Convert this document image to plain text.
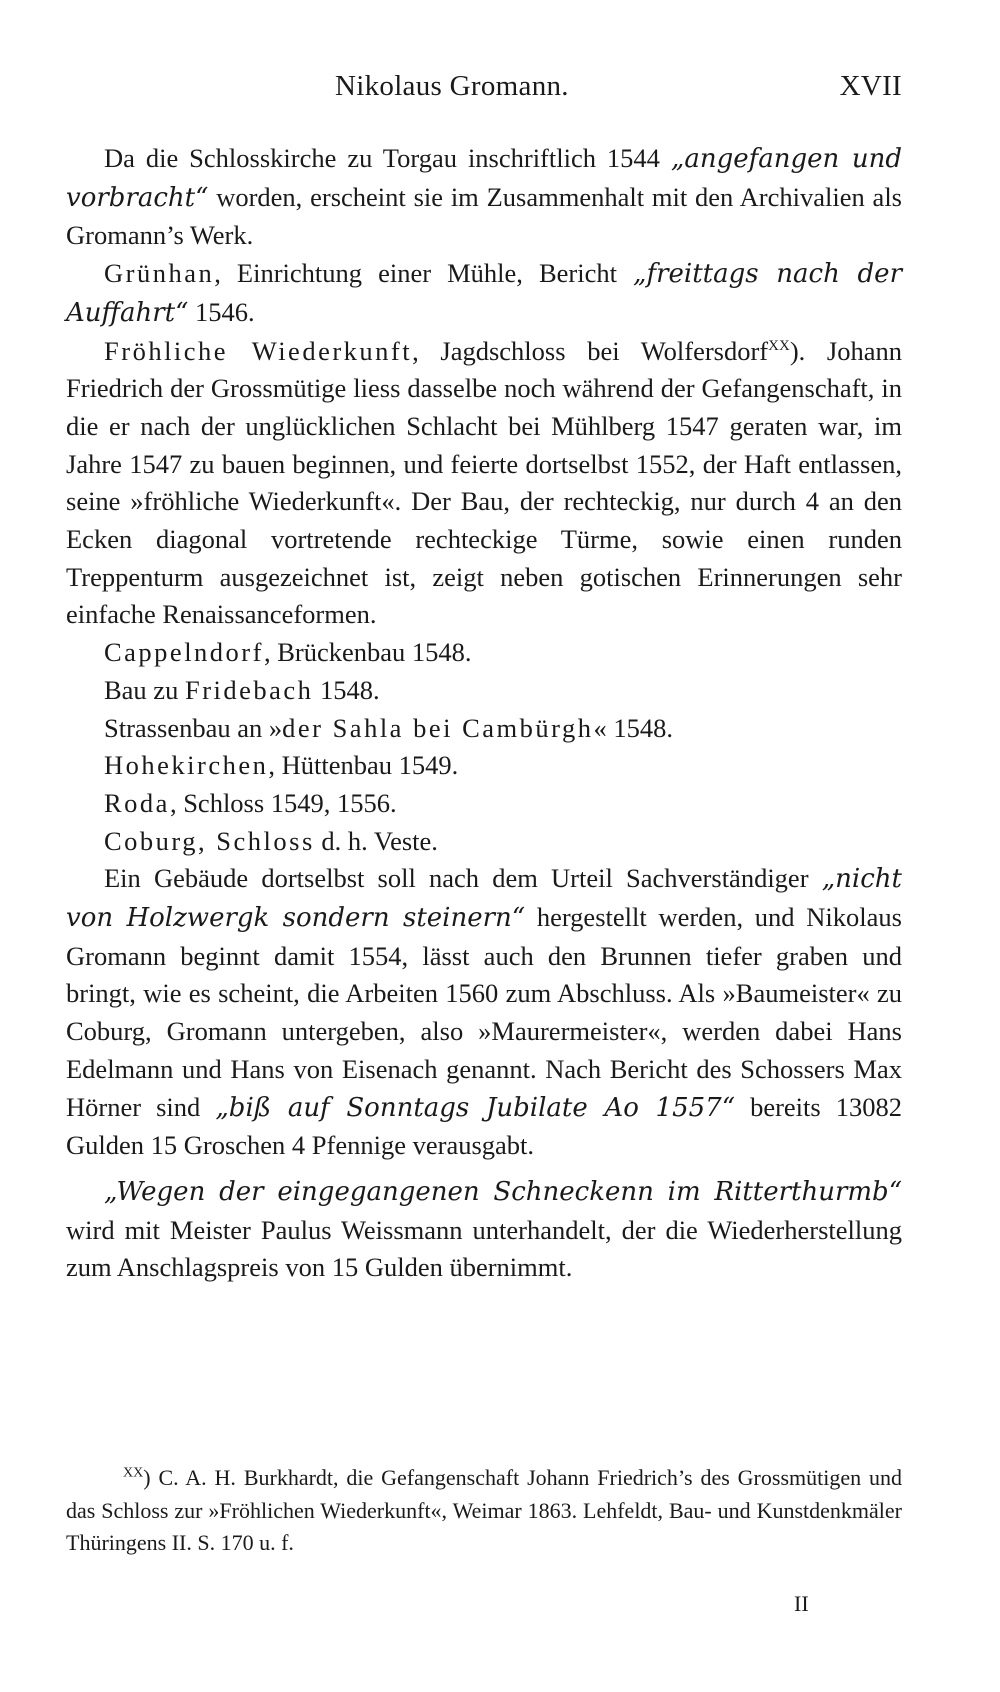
Nikolaus Gromann.	XVII

Da die Schlosskirche zu Torgau inschriftlich 1544 „angefangen und vorbracht“ worden, erscheint sie im Zusammenhalt mit den Archivalien als Gromann’s Werk.

Grünhan, Einrichtung einer Mühle, Bericht „freittags nach der Auffahrt“ 1546.

Fröhliche Wiederkunft, Jagdschloss bei Wolfersdorf$^{XX}$). Johann Friedrich der Grossmütige liess dasselbe noch während der Gefangenschaft, in die er nach der unglücklichen Schlacht bei Mühlberg 1547 geraten war, im Jahre 1547 zu bauen beginnen, und feierte dortselbst 1552, der Haft entlassen, seine »fröhliche Wiederkunft«. Der Bau, der rechteckig, nur durch 4 an den Ecken diagonal vortretende rechteckige Türme, sowie einen runden Treppenturm ausgezeichnet ist, zeigt neben gotischen Erinnerungen sehr einfache Renaissanceformen.

Cappelndorf, Brückenbau 1548.

Bau zu Fridebach 1548.

Strassenbau an »der Sahla bei Cambürgh« 1548.

Hohekirchen, Hüttenbau 1549.

Roda, Schloss 1549, 1556.

Coburg, Schloss d. h. Veste.

Ein Gebäude dortselbst soll nach dem Urteil Sachverständiger „nicht von Holzwergk sondern steinern“ hergestellt werden, und Nikolaus Gromann beginnt damit 1554, lässt auch den Brunnen tiefer graben und bringt, wie es scheint, die Arbeiten 1560 zum Abschluss. Als »Baumeister« zu Coburg, Gromann untergeben, also »Maurermeister«, werden dabei Hans Edelmann und Hans von Eisenach genannt. Nach Bericht des Schossers Max Hörner sind „biß auf Sonntags Jubilate Ao 1557“ bereits 13082 Gulden 15 Groschen 4 Pfennige verausgabt.

„Wegen der eingegangenen Schneckenn im Ritterthurmb“ wird mit Meister Paulus Weissmann unterhandelt, der die Wiederherstellung zum Anschlagspreis von 15 Gulden übernimmt.

$^{XX}$) C. A. H. Burkhardt, die Gefangenschaft Johann Friedrich’s des Grossmütigen und das Schloss zur »Fröhlichen Wiederkunft«, Weimar 1863. Lehfeldt, Bau- und Kunstdenkmäler Thüringens II. S. 170 u. f.

II
